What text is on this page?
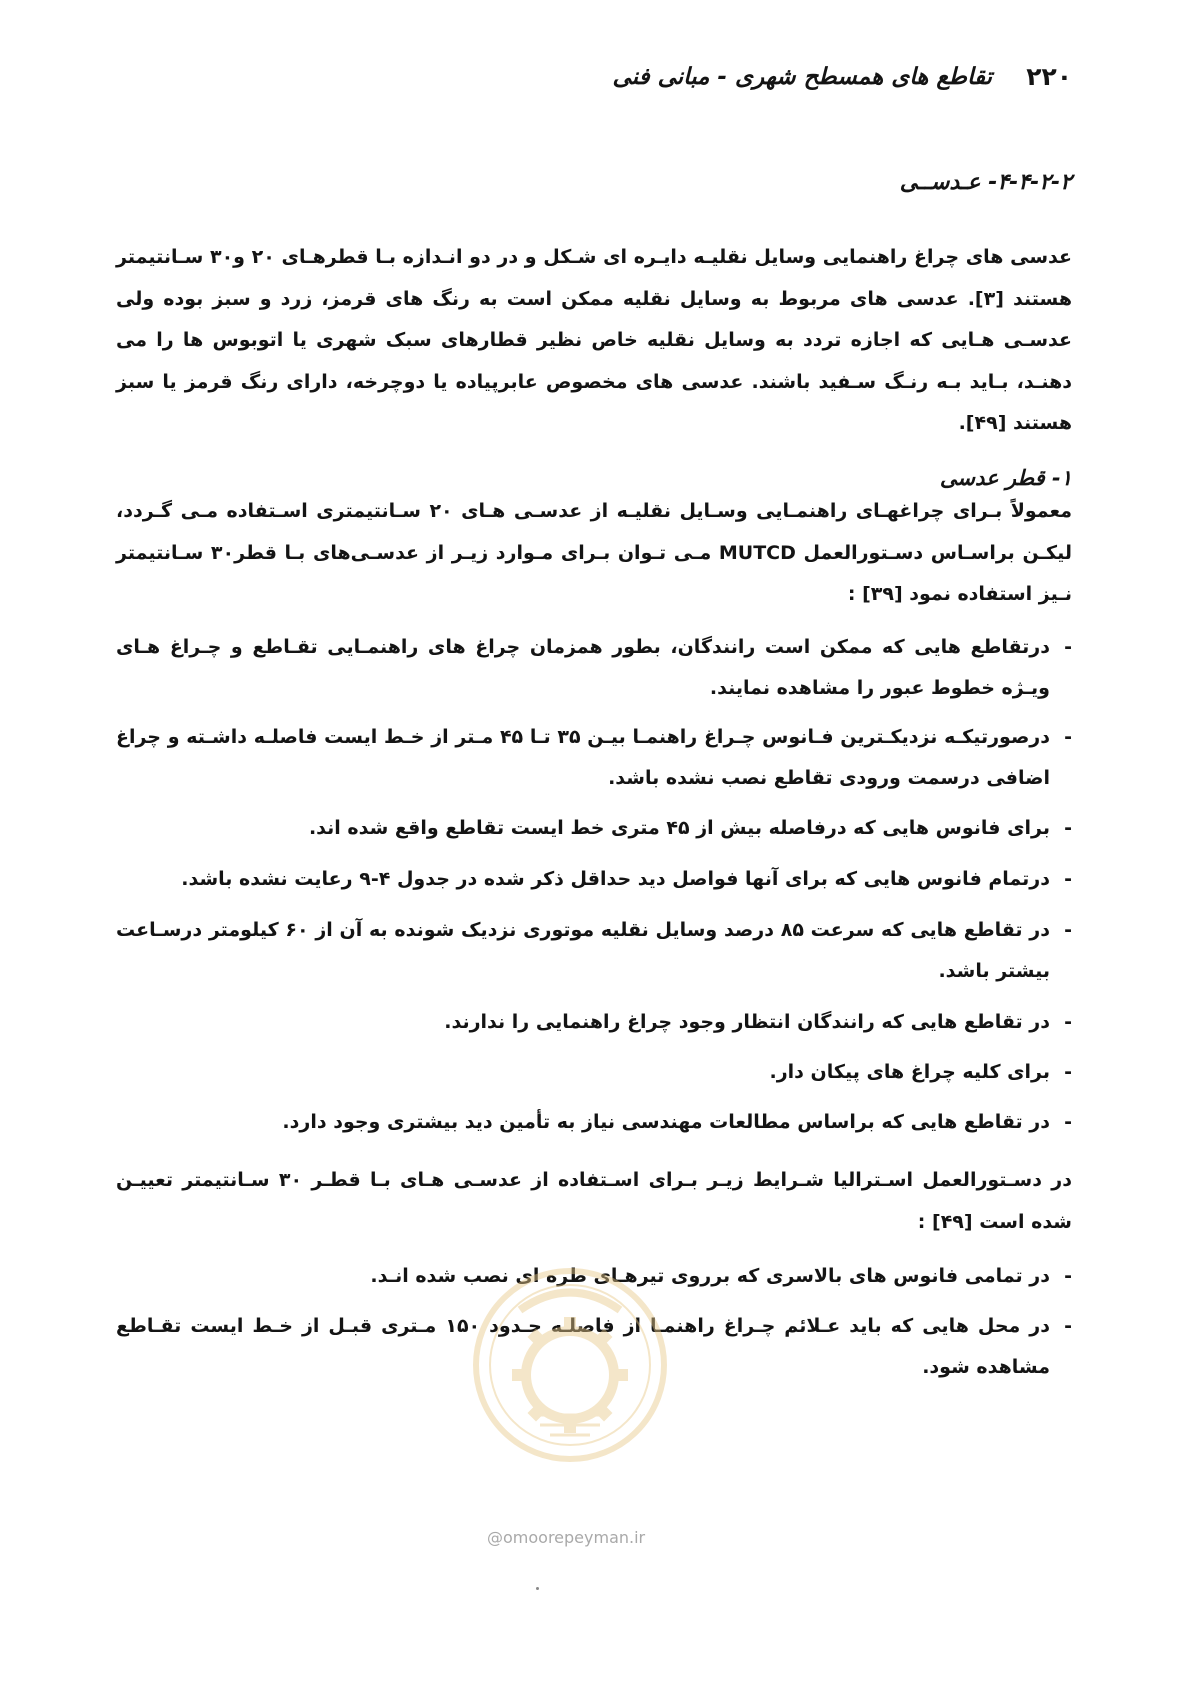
۲۲۰
تقاطع های همسطح شهری - مبانی فنی
۴-۴-۲-۲- عـدســی

عدسی های چراغ راهنمایی وسایل نقلیـه دایـره ای شـکل و در دو انـدازه بـا قطرهـای ۲۰ و۳۰ سـانتیمتر هستند [۳]. عدسی های مربوط به وسایل نقلیه ممکن است به رنگ های قرمز، زرد و سبز بوده ولی عدسـی هـایی که اجازه تردد به وسایل نقلیه خاص نظیر قطارهای سبک شهری یا اتوبوس ها را می دهنـد، بـاید بـه رنـگ سـفید باشند. عدسی های مخصوص عابرپیاده یا دوچرخه، دارای رنگ قرمز یا سبز هستند [۴۹].

۱- قطر عدسی

معمولاً بـرای چراغهـای راهنمـایی وسـایل نقلیـه از عدسـی هـای ۲۰ سـانتیمتری اسـتفاده مـی گـردد، لیکـن براسـاس دسـتورالعمل MUTCD مـی تـوان بـرای مـوارد زیـر از عدسـی‌های بـا قطر۳۰ سـانتیمتر نـیز استفاده نمود [۳۹] :

-
درتقاطع هایی که ممکن است رانندگان، بطور همزمان چراغ های راهنمـایی تقـاطع و چـراغ هـای ویـژه خطوط عبور را مشاهده نمایند.

-
درصورتیکـه نزدیکـترین فـانوس چـراغ راهنمـا بیـن ۳۵ تـا ۴۵ مـتر از خـط ایست فاصلـه داشـته و چراغ اضافی درسمت ورودی تقاطع نصب نشده باشد.

-
برای فانوس هایی که درفاصله بیش از ۴۵ متری خط ایست تقاطع واقع شده اند.

-
درتمام فانوس هایی که برای آنها فواصل دید حداقل ذکر شده در جدول ۴-۹ رعایت نشده باشد.

-
در تقاطع هایی که سرعت ۸۵ درصد وسایل نقلیه موتوری نزدیک شونده به آن از ۶۰ کیلومتر درسـاعت بیشتر باشد.

-
در تقاطع هایی که رانندگان انتظار وجود چراغ راهنمایی را ندارند.

-
برای کلیه چراغ های پیکان دار.

-
در تقاطع هایی که براساس مطالعات مهندسی نیاز به تأمین دید بیشتری وجود دارد.

در دسـتورالعمل اسـترالیا شـرایط زیـر بـرای اسـتفاده از عدسـی هـای بـا قطـر ۳۰ سـانتیمتر تعییـن شده است [۴۹] :

-
در تمامی فانوس های بالاسری که برروی تیرهـای طره ای نصب شده انـد.

-
در محل هایی که باید عـلائم چـراغ راهنمـا از فاصلـه حـدود ۱۵۰ مـتری قبـل از خـط ایست تقـاطع مشاهده شود.

@omoorepeyman.ir
